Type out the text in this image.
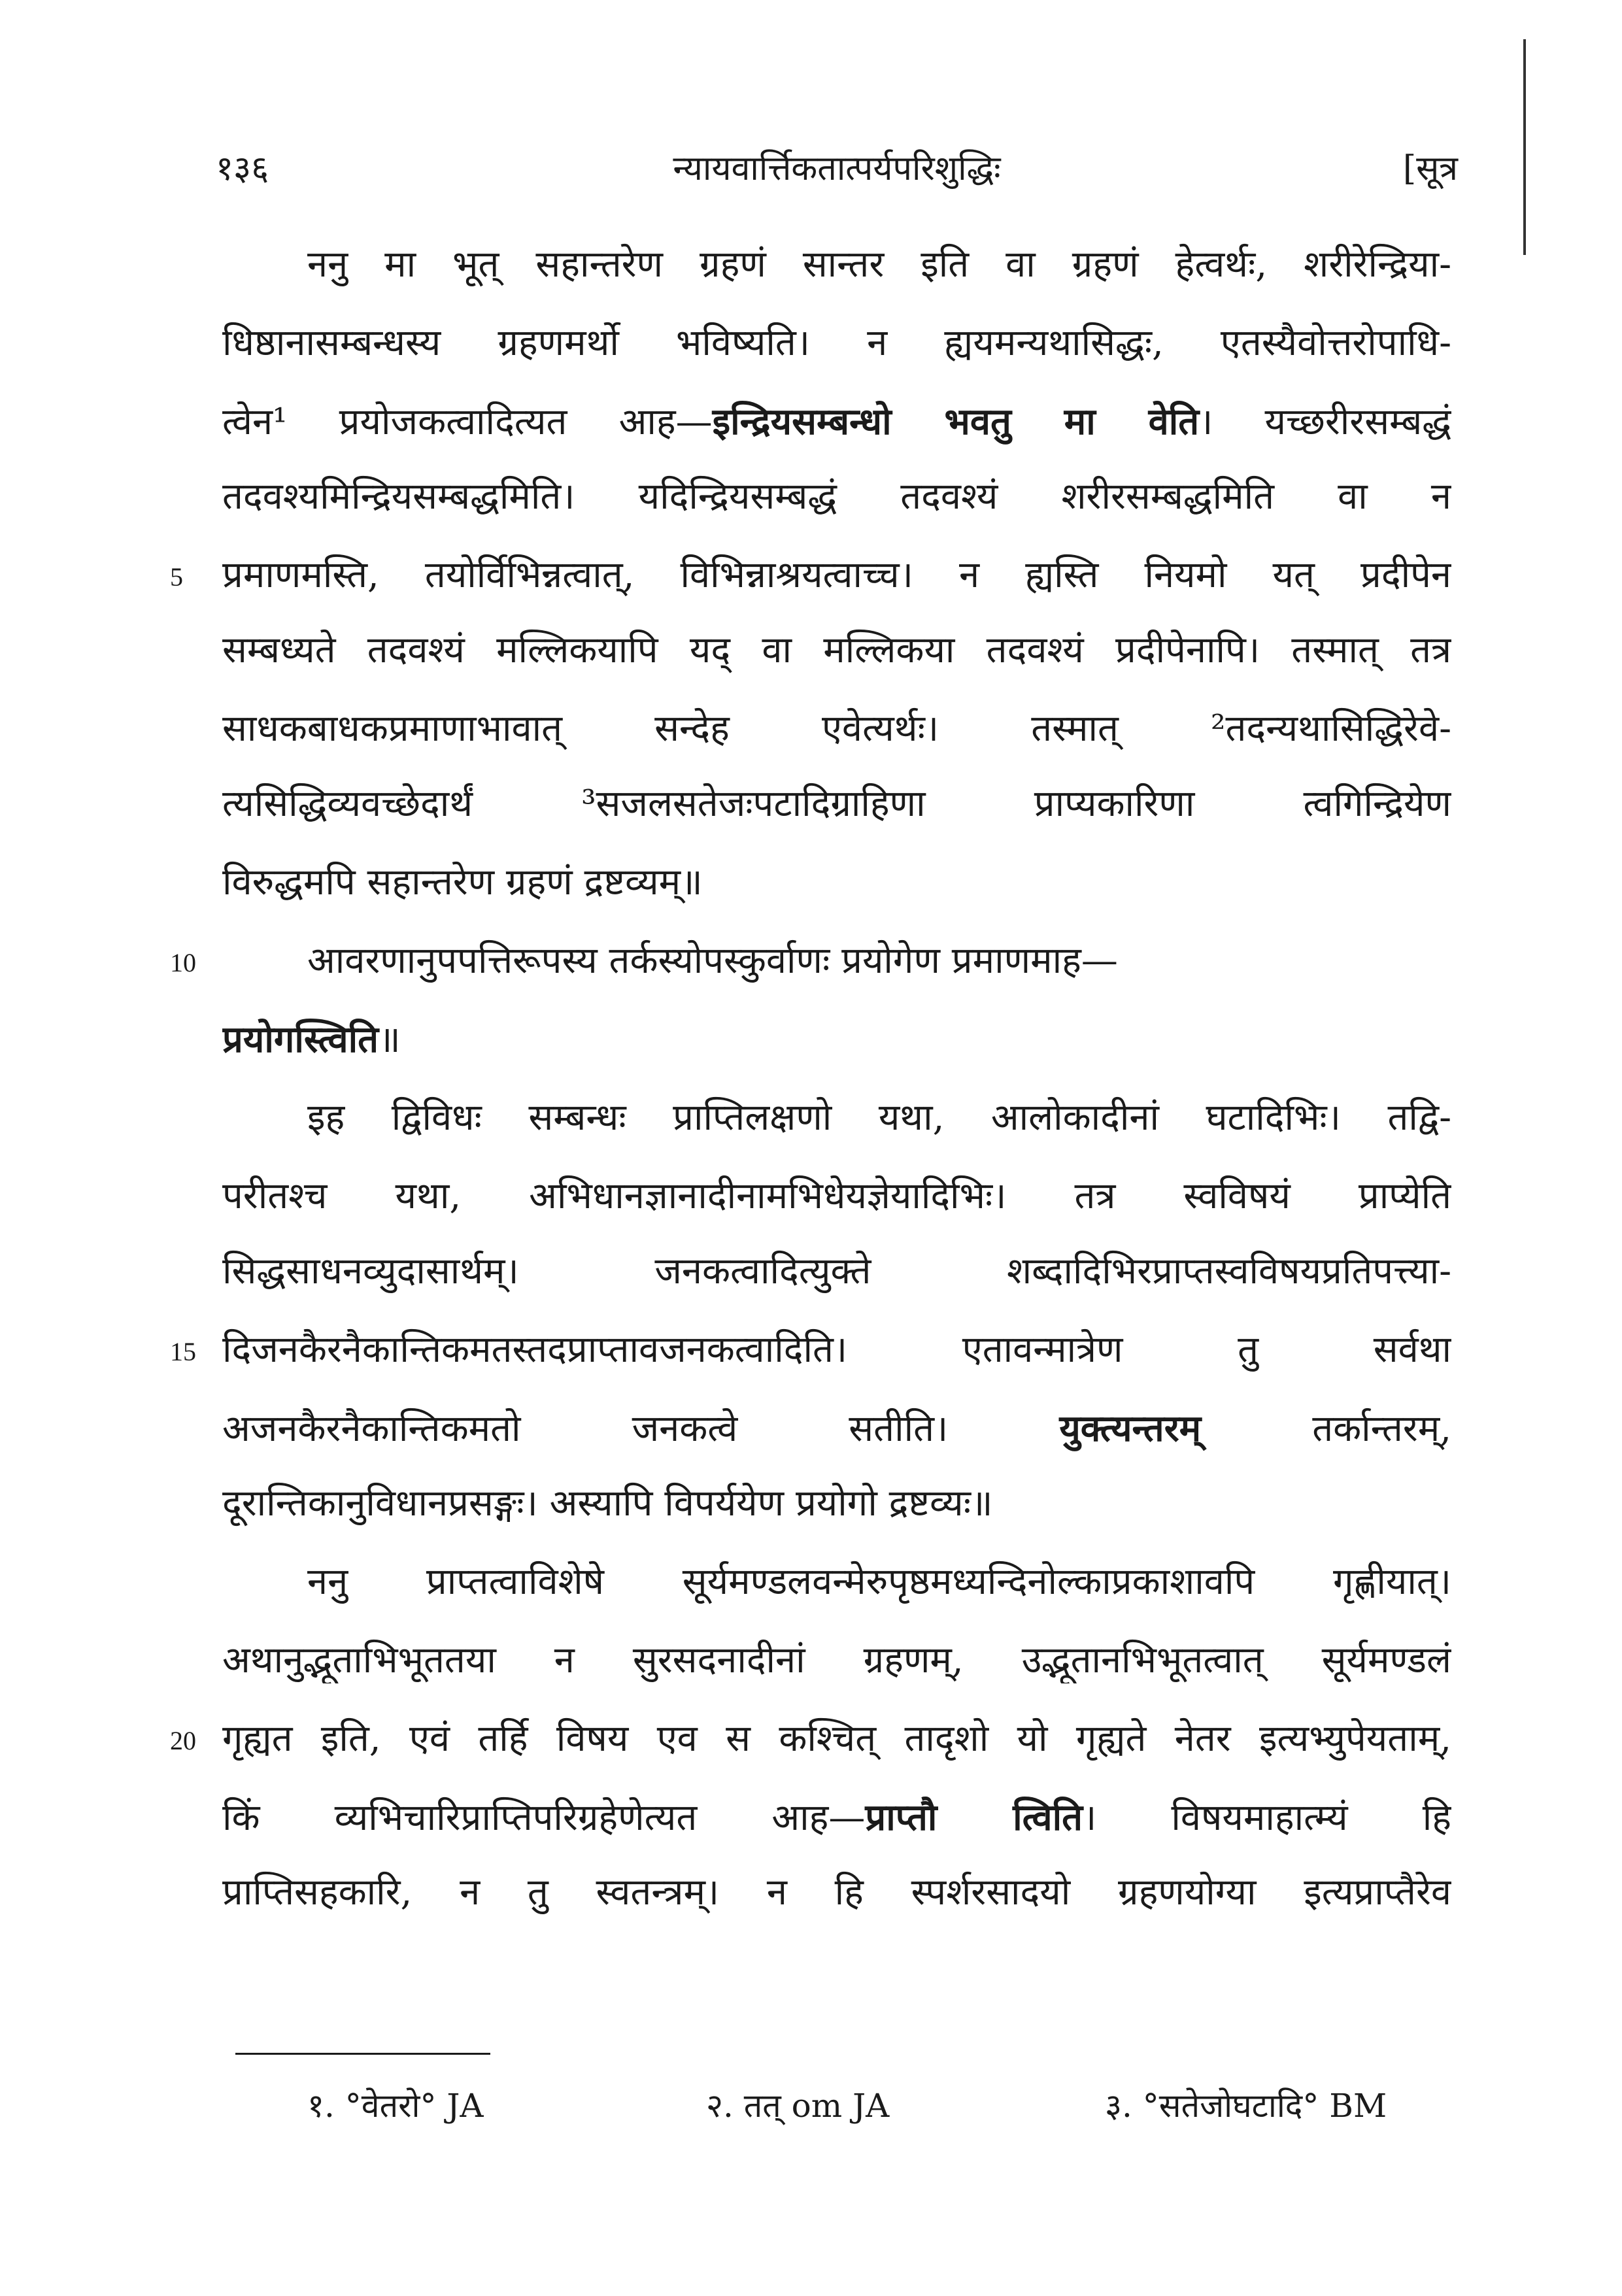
१३६	न्यायवार्त्तिकतात्पर्यपरिशुद्धिः	[सूत्र
ननु मा भूत् सहान्तरेण ग्रहणं सान्तर इति वा ग्रहणं हेत्वर्थः, शरीरेन्द्रिया-
धिष्ठानासम्बन्धस्य ग्रहणमर्थो भविष्यति। न ह्ययमन्यथासिद्धः, एतस्यैवोत्तरोपाधि-
त्वेन¹ प्रयोजकत्वादित्यत आह—इन्द्रियसम्बन्धो भवतु मा वेति। यच्छरीरसम्बद्धं
तदवश्यमिन्द्रियसम्बद्धमिति। यदिन्द्रियसम्बद्धं तदवश्यं शरीरसम्बद्धमिति वा न
5	प्रमाणमस्ति, तयोर्विभिन्नत्वात्, विभिन्नाश्रयत्वाच्च। न ह्यस्ति नियमो यत् प्रदीपेन
सम्बध्यते तदवश्यं मल्लिकयापि यद् वा मल्लिकया तदवश्यं प्रदीपेनापि। तस्मात् तत्र
साधकबाधकप्रमाणाभावात् सन्देह एवेत्यर्थः। तस्मात् ²तदन्यथासिद्धिरेवे-
त्यसिद्धिव्यवच्छेदार्थं ³सजलसतेजःपटादिग्राहिणा प्राप्यकारिणा त्वगिन्द्रियेण
विरुद्धमपि सहान्तरेण ग्रहणं द्रष्टव्यम्॥
10	आवरणानुपपत्तिरूपस्य तर्कस्योपस्कुर्वाणः प्रयोगेण प्रमाणमाह—
प्रयोगस्त्विति॥
इह द्विविधः सम्बन्धः प्राप्तिलक्षणो यथा, आलोकादीनां घटादिभिः। तद्वि-
परीतश्च यथा, अभिधानज्ञानादीनामभिधेयज्ञेयादिभिः। तत्र स्वविषयं प्राप्येति
सिद्धसाधनव्युदासार्थम्। जनकत्वादित्युक्ते शब्दादिभिरप्राप्तस्वविषयप्रतिपत्त्या-
15 दिजनकैरनैकान्तिकमतस्तदप्राप्तावजनकत्वादिति। एतावन्मात्रेण तु सर्वथा
अजनकैरनैकान्तिकमतो जनकत्वे सतीति। युक्त्यन्तरम् तर्कान्तरम्,
दूरान्तिकानुविधानप्रसङ्गः। अस्यापि विपर्ययेण प्रयोगो द्रष्टव्यः॥
ननु प्राप्तत्वाविशेषे सूर्यमण्डलवन्मेरुपृष्ठमध्यन्दिनोल्काप्रकाशावपि गृह्णीयात्।
अथानुद्भूताभिभूततया न सुरसदनादीनां ग्रहणम्, उद्भूतानभिभूतत्वात् सूर्यमण्डलं
20 गृह्यत इति, एवं तर्हि विषय एव स कश्चित् तादृशो यो गृह्यते नेतर इत्यभ्युपेयताम्,
किं व्यभिचारिप्राप्तिपरिग्रहेणेत्यत आह—प्राप्तौ त्विति। विषयमाहात्म्यं हि
प्राप्तिसहकारि, न तु स्वतन्त्रम्। न हि स्पर्शरसादयो ग्रहणयोग्या इत्यप्राप्तैरेव
१. °वेतरो° JA	२. तत् om JA	३. °सतेजोघटादि° BM
